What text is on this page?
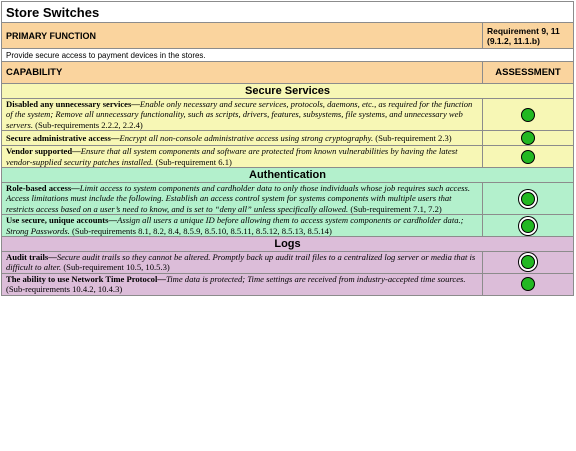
Store Switches	
PRIMARY FUNCTION	Requirement 9, 11 (9.1.2, 11.1.b)
Provide secure access to payment devices in the stores.	
CAPABILITY	ASSESSMENT
Secure Services	
Disabled any unnecessary services—Enable only necessary and secure services, protocols, daemons, etc., as required for the function of the system; Remove all unnecessary functionality, such as scripts, drivers, features, subsystems, file systems, and unnecessary web servers. (Sub-requirements 2.2.2, 2.2.4)	
Secure administrative access—Encrypt all non-console administrative access using strong cryptography. (Sub-requirement 2.3)	
Vendor supported—Ensure that all system components and software are protected from known vulnerabilities by having the latest vendor-supplied security patches installed. (Sub-requirement 6.1)	
Authentication	
Role-based access—Limit access to system components and cardholder data to only those individuals whose job requires such access. Access limitations must include the following. Establish an access control system for systems components with multiple users that restricts access based on a user’s need to know, and is set to “deny all” unless specifically allowed. (Sub-requirement 7.1, 7.2)	
Use secure, unique accounts—Assign all users a unique ID before allowing them to access system components or cardholder data.; Strong Passwords. (Sub-requirements 8.1, 8.2, 8.4, 8.5.9, 8.5.10, 8.5.11, 8.5.12, 8.5.13, 8.5.14)	
Logs	
Audit trails—Secure audit trails so they cannot be altered. Promptly back up audit trail files to a centralized log server or media that is difficult to alter. (Sub-requirement 10.5, 10.5.3)	
The ability to use Network Time Protocol—Time data is protected; Time settings are received from industry-accepted time sources. (Sub-requirements 10.4.2, 10.4.3)	
